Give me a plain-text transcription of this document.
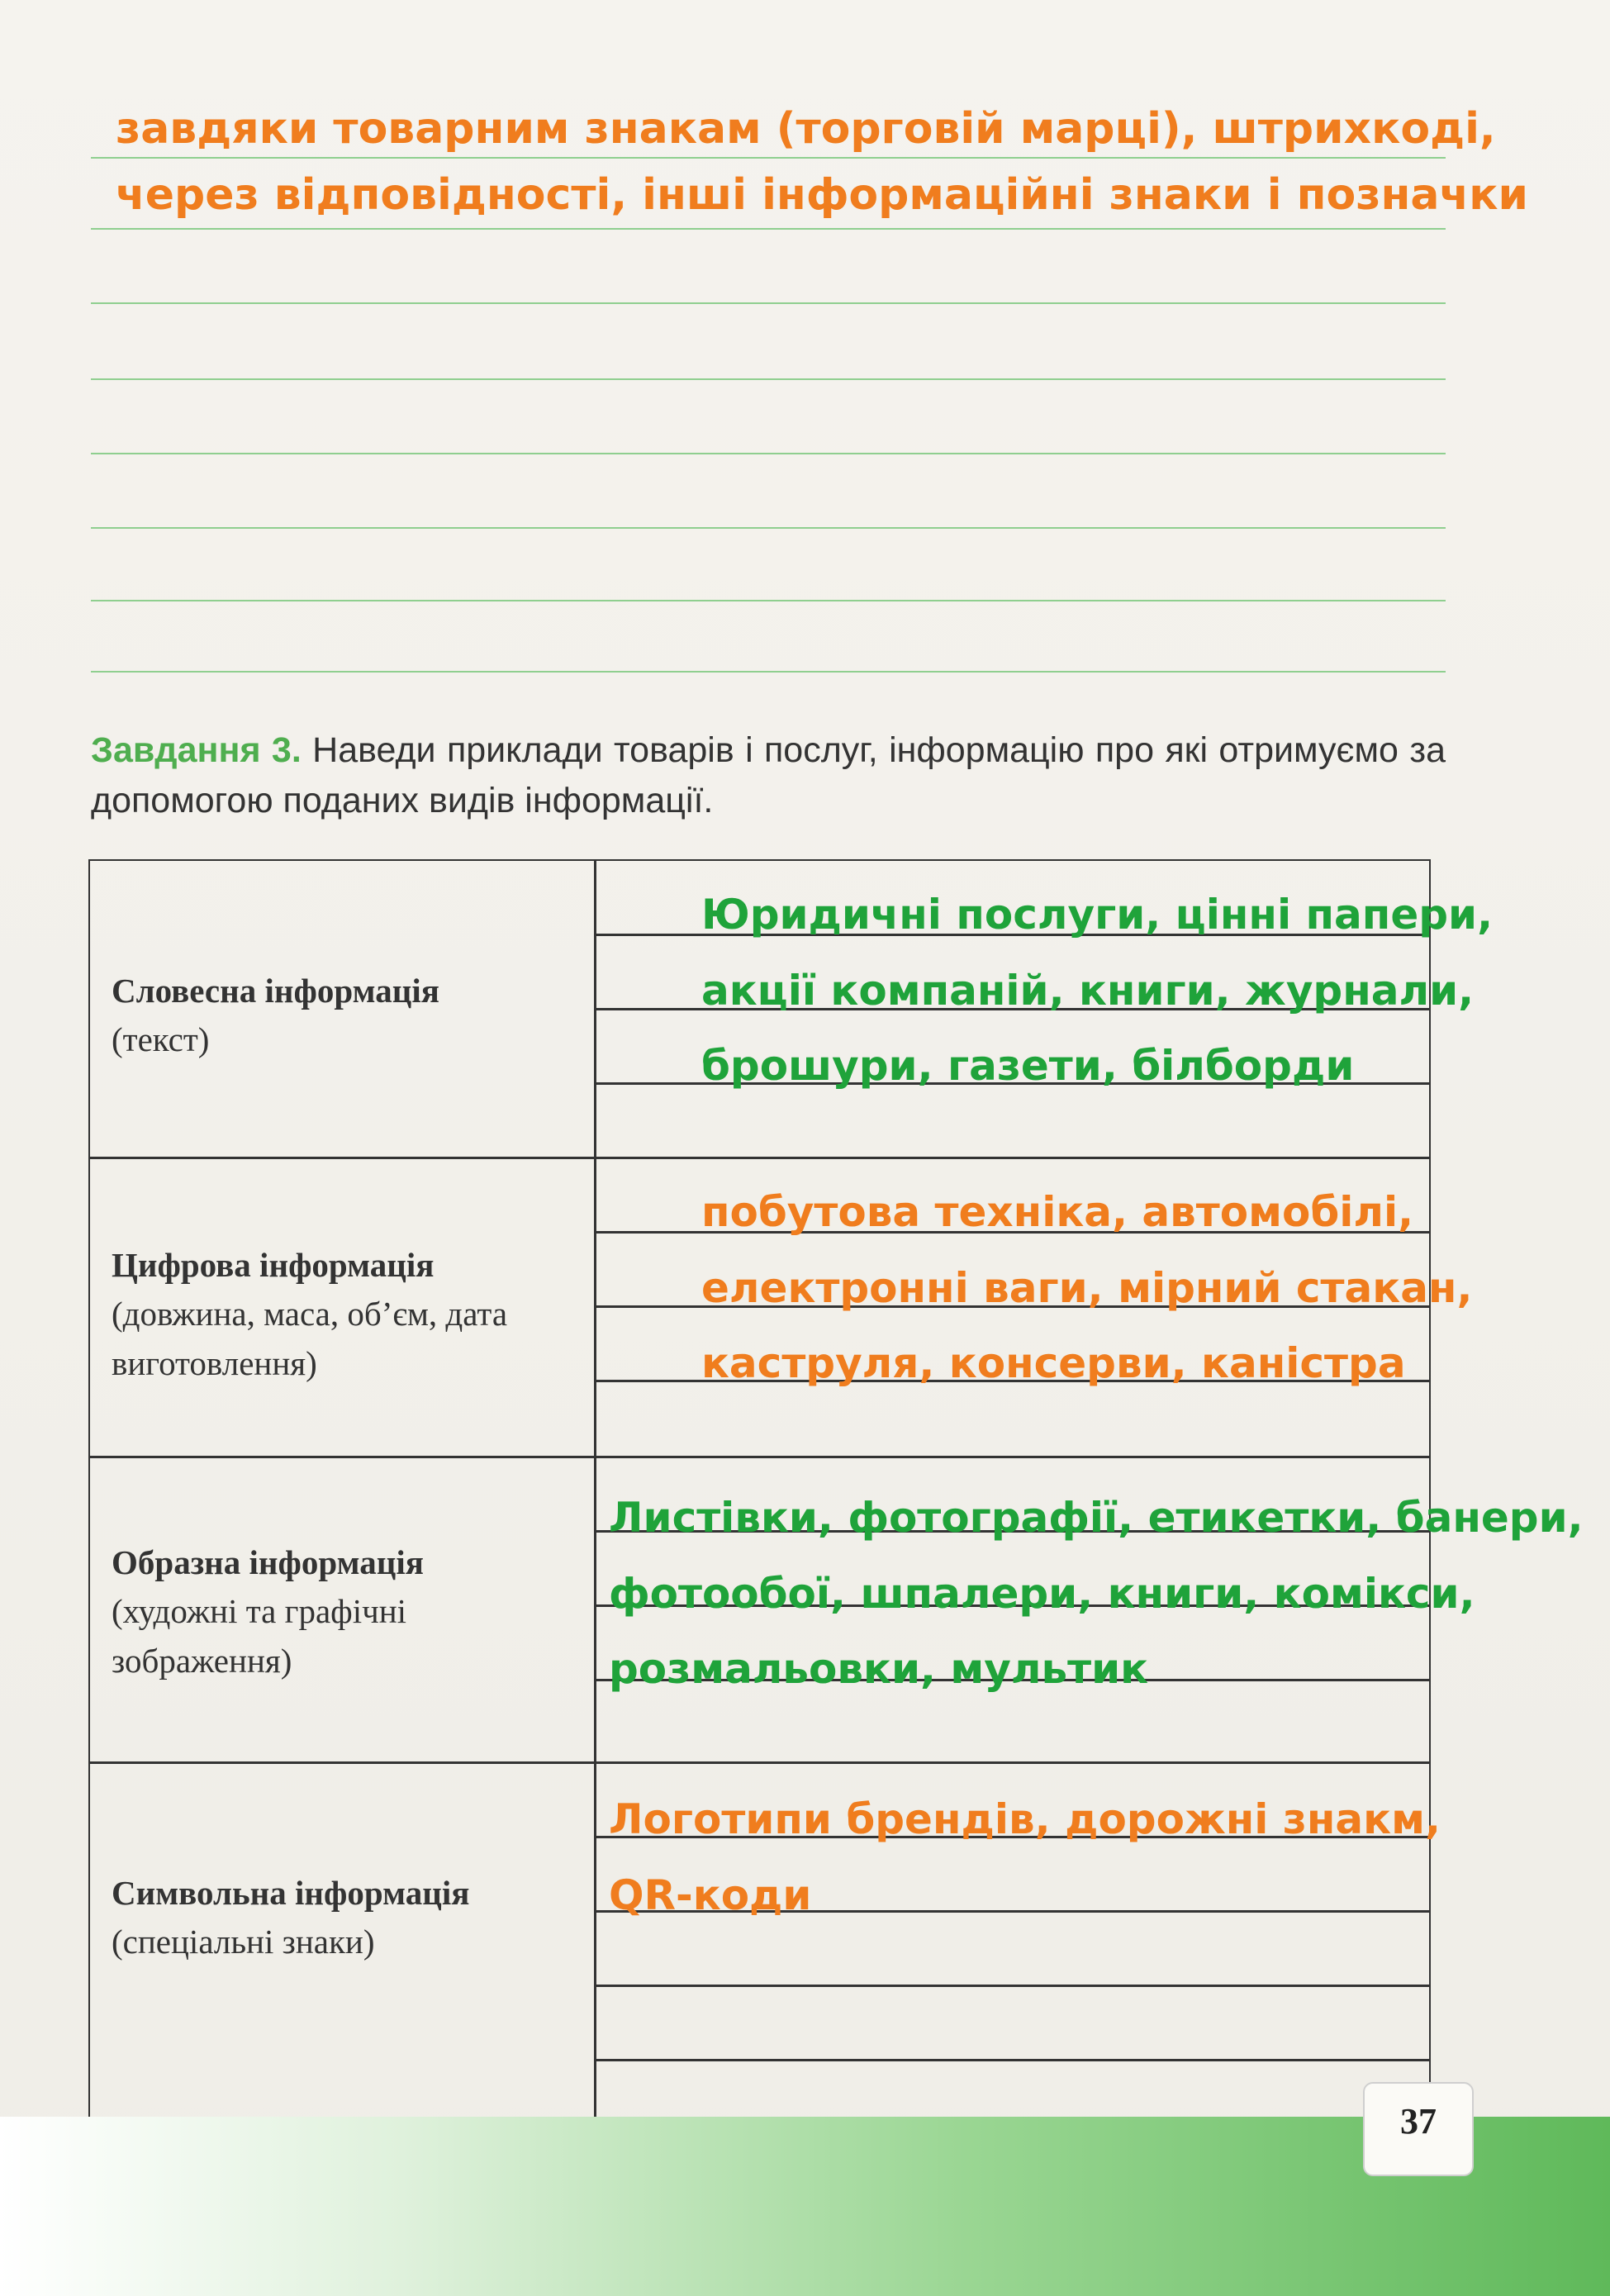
завдяки товарним знакам (торговій марці), штрихкоді,
через відповідності, інші інформаційні знаки і позначки
Завдання 3. Наведи приклади товарів і послуг, інформацію про які отримуємо за допомогою поданих видів інформації.
Словесна інформація
(текст)
Юридичні послуги, цінні папери,
акції компаній, книги, журнали,
брошури, газети, білборди
Цифрова інформація
(довжина, маса, об’єм, дата виготовлення)
побутова техніка, автомобілі,
електронні ваги, мірний стакан,
каструля, консерви, каністра
Образна інформація
(художні та графічні зображення)
Листівки, фотографії, етикетки, банери,
фотообої, шпалери, книги, комікси,
розмальовки, мультик
Символьна інформація
(спеціальні знаки)
Логотипи брендів, дорожні знакм,
QR-коди
37
